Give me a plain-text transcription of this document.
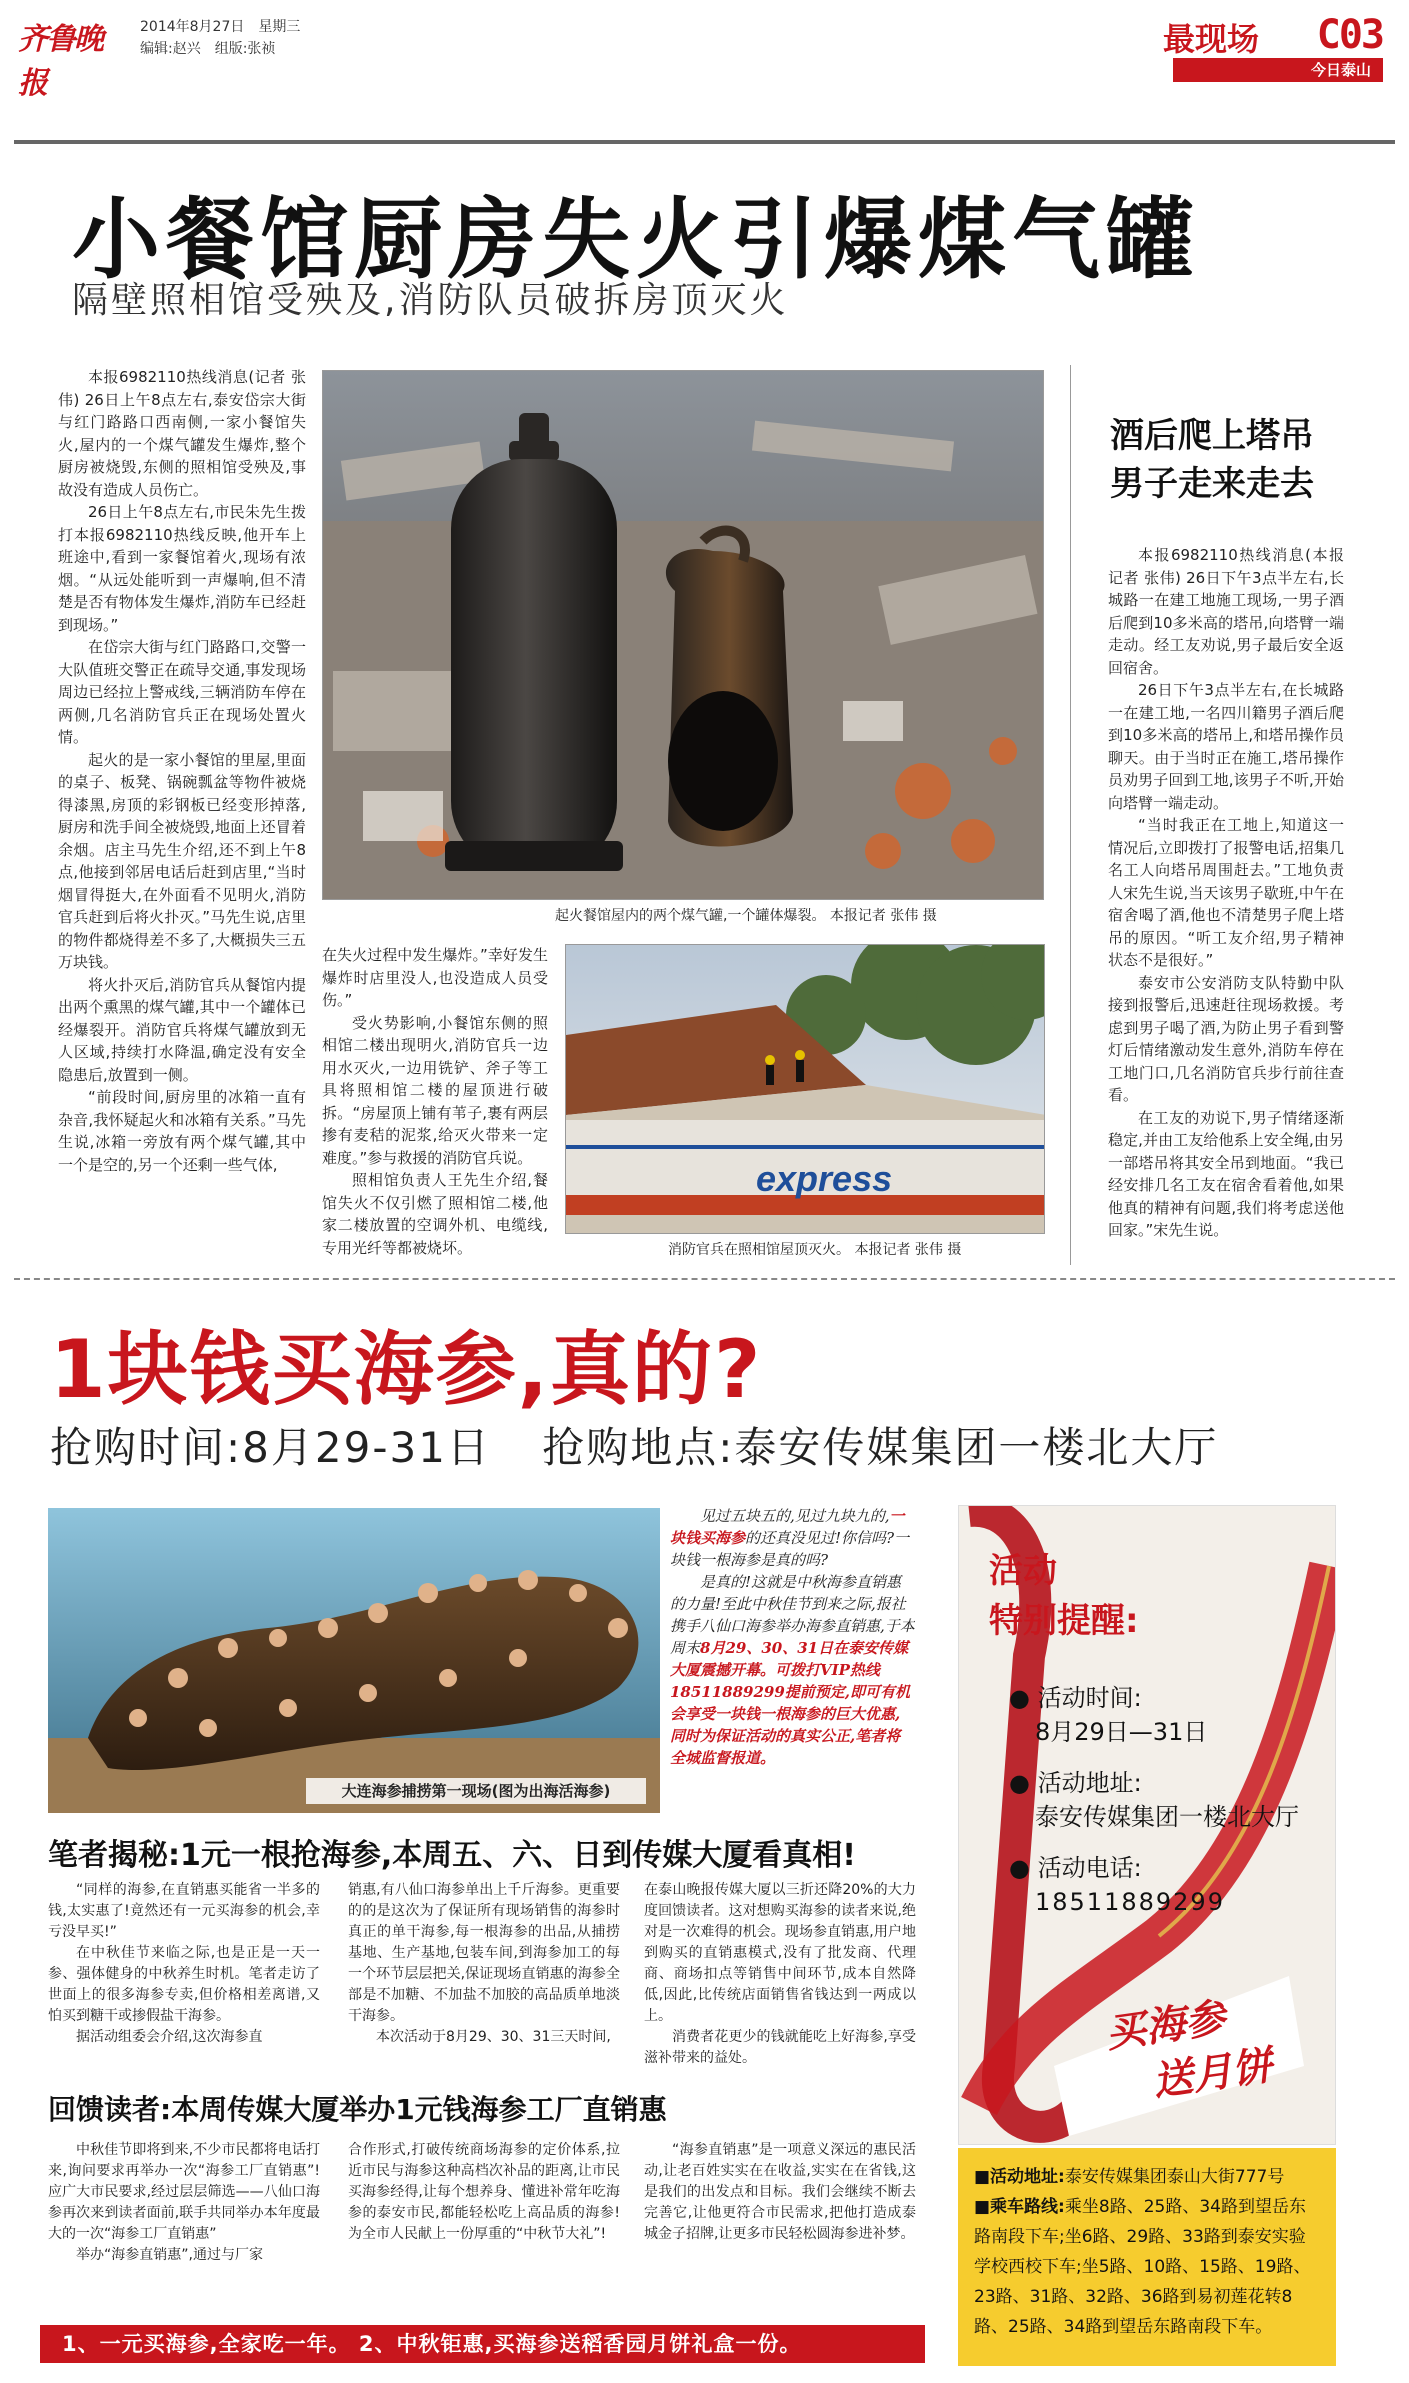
齐鲁晚报
2014年8月27日 星期三
编辑:赵兴 组版:张祯	最现场 C03
今日泰山
小餐馆厨房失火引爆煤气罐
隔壁照相馆受殃及,消防队员破拆房顶灭火

本报6982110热线消息(记者 张伟) 26日上午8点左右,泰安岱宗大街与红门路路口西南侧,一家小餐馆失火,屋内的一个煤气罐发生爆炸,整个厨房被烧毁,东侧的照相馆受殃及,事故没有造成人员伤亡。

26日上午8点左右,市民朱先生拨打本报6982110热线反映,他开车上班途中,看到一家餐馆着火,现场有浓烟。“从远处能听到一声爆响,但不清楚是否有物体发生爆炸,消防车已经赶到现场。”

在岱宗大街与红门路路口,交警一大队值班交警正在疏导交通,事发现场周边已经拉上警戒线,三辆消防车停在两侧,几名消防官兵正在现场处置火情。

起火的是一家小餐馆的里屋,里面的桌子、板凳、锅碗瓢盆等物件被烧得漆黑,房顶的彩钢板已经变形掉落,厨房和洗手间全被烧毁,地面上还冒着余烟。店主马先生介绍,还不到上午8点,他接到邻居电话后赶到店里,“当时烟冒得挺大,在外面看不见明火,消防官兵赶到后将火扑灭。”马先生说,店里的物件都烧得差不多了,大概损失三五万块钱。

将火扑灭后,消防官兵从餐馆内提出两个熏黑的煤气罐,其中一个罐体已经爆裂开。消防官兵将煤气罐放到无人区域,持续打水降温,确定没有安全隐患后,放置到一侧。

“前段时间,厨房里的冰箱一直有杂音,我怀疑起火和冰箱有关系。”马先生说,冰箱一旁放有两个煤气罐,其中一个是空的,另一个还剩一些气体,

起火餐馆屋内的两个煤气罐,一个罐体爆裂。 本报记者 张伟 摄

在失火过程中发生爆炸。”幸好发生爆炸时店里没人,也没造成人员受伤。”

受火势影响,小餐馆东侧的照相馆二楼出现明火,消防官兵一边用水灭火,一边用铣铲、斧子等工具将照相馆二楼的屋顶进行破拆。“房屋顶上铺有苇子,裹有两层掺有麦秸的泥浆,给灭火带来一定难度。”参与救援的消防官兵说。

照相馆负责人王先生介绍,餐馆失火不仅引燃了照相馆二楼,他家二楼放置的空调外机、电缆线,专用光纤等都被烧坏。

express
消防官兵在照相馆屋顶灭火。 本报记者 张伟 摄
酒后爬上塔吊
男子走来走去

本报6982110热线消息(本报记者 张伟) 26日下午3点半左右,长城路一在建工地施工现场,一男子酒后爬到10多米高的塔吊,向塔臂一端走动。经工友劝说,男子最后安全返回宿舍。

26日下午3点半左右,在长城路一在建工地,一名四川籍男子酒后爬到10多米高的塔吊上,和塔吊操作员聊天。由于当时正在施工,塔吊操作员劝男子回到工地,该男子不听,开始向塔臂一端走动。

“当时我正在工地上,知道这一情况后,立即拨打了报警电话,招集几名工人向塔吊周围赶去。”工地负责人宋先生说,当天该男子歇班,中午在宿舍喝了酒,他也不清楚男子爬上塔吊的原因。“听工友介绍,男子精神状态不是很好。”

泰安市公安消防支队特勤中队接到报警后,迅速赶往现场救援。考虑到男子喝了酒,为防止男子看到警灯后情绪激动发生意外,消防车停在工地门口,几名消防官兵步行前往查看。

在工友的劝说下,男子情绪逐渐稳定,并由工友给他系上安全绳,由另一部塔吊将其安全吊到地面。“我已经安排几名工友在宿舍看着他,如果他真的精神有问题,我们将考虑送他回家。”宋先生说。

1块钱买海参,真的?
抢购时间:8月29-31日 抢购地点:泰安传媒集团一楼北大厅
大连海参捕捞第一现场(图为出海活海参)

见过五块五的,见过九块九的,一块钱买海参的还真没见过!你信吗?一块钱一根海参是真的吗?

是真的!这就是中秋海参直销惠的力量!至此中秋佳节到来之际,报社携手八仙口海参举办海参直销惠,于本周末8月29、30、31日在泰安传媒大厦震撼开幕。可拨打VIP热线18511889299提前预定,即可有机会享受一块钱一根海参的巨大优惠,同时为保证活动的真实公正,笔者将全城监督报道。

笔者揭秘:1元一根抢海参,本周五、六、日到传媒大厦看真相!

“同样的海参,在直销惠买能省一半多的钱,太实惠了!竟然还有一元买海参的机会,幸亏没早买!”

在中秋佳节来临之际,也是正是一天一参、强体健身的中秋养生时机。笔者走访了世面上的很多海参专卖,但价格相差离谱,又怕买到糖干或掺假盐干海参。

据活动组委会介绍,这次海参直

销惠,有八仙口海参单出上千斤海参。更重要的的是这次为了保证所有现场销售的海参时真正的单干海参,每一根海参的出品,从捕捞基地、生产基地,包装车间,到海参加工的每一个环节层层把关,保证现场直销惠的海参全部是不加糖、不加盐不加胶的高品质单地淡干海参。

本次活动于8月29、30、31三天时间,

在泰山晚报传媒大厦以三折还降20%的大力度回馈读者。这对想购买海参的读者来说,绝对是一次难得的机会。现场参直销惠,用户地到购买的直销惠模式,没有了批发商、代理商、商场扣点等销售中间环节,成本自然降低,因此,比传统店面销售省钱达到一两成以上。

消费者花更少的钱就能吃上好海参,享受滋补带来的益处。

回馈读者:本周传媒大厦举办1元钱海参工厂直销惠

中秋佳节即将到来,不少市民都将电话打来,询问要求再举办一次“海参工厂直销惠”!应广大市民要求,经过层层筛选——八仙口海参再次来到读者面前,联手共同举办本年度最大的一次“海参工厂直销惠”

举办“海参直销惠”,通过与厂家

合作形式,打破传统商场海参的定价体系,拉近市民与海参这种高档次补品的距离,让市民买海参经得,让每个想养身、懂进补常年吃海参的泰安市民,都能轻松吃上高品质的海参!为全市人民献上一份厚重的“中秋节大礼”!

“海参直销惠”是一项意义深远的惠民活动,让老百姓实实在在收益,实实在在省钱,这是我们的出发点和目标。我们会继续不断去完善它,让他更符合市民需求,把他打造成泰城金子招牌,让更多市民轻松圆海参进补梦。

1、一元买海参,全家吃一年。 2、中秋钜惠,买海参送稻香园月饼礼盒一份。
活动
特别提醒:
● 活动时间:
8月29日—31日
● 活动地址:
泰安传媒集团一楼北大厅
● 活动电话:
18511889299
买海参
送月饼
■活动地址:泰安传媒集团泰山大街777号
■乘车路线:乘坐8路、25路、34路到望岳东路南段下车;坐6路、29路、33路到泰安实验学校西校下车;坐5路、10路、15路、19路、23路、31路、32路、36路到易初莲花转8路、25路、34路到望岳东路南段下车。
